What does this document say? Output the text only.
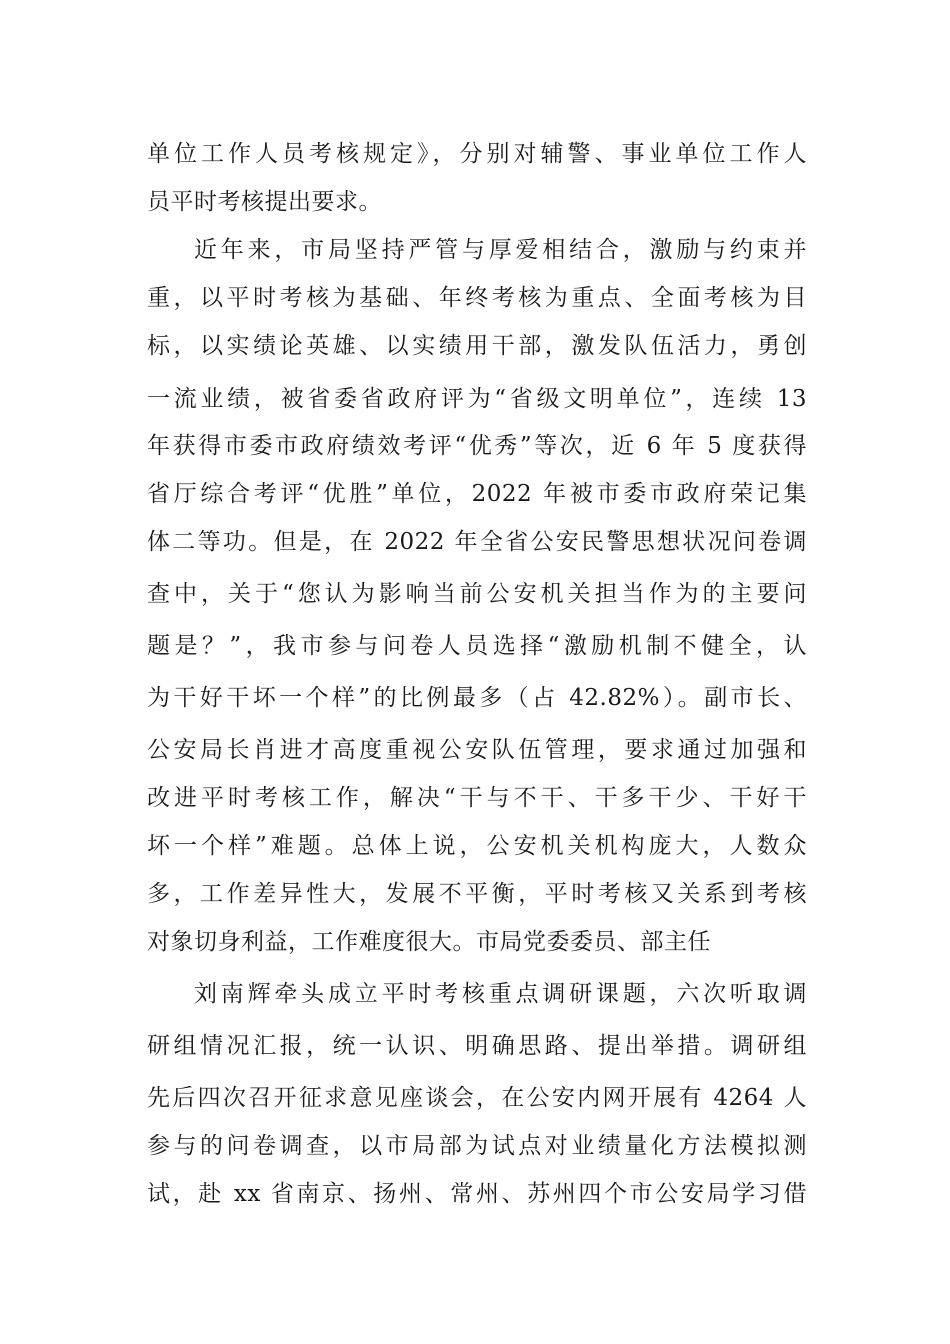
单位工作人员考核规定》，分别对辅警、事业单位工作人
员平时考核提出要求。
近年来，市局坚持严管与厚爱相结合，激励与约束并
重，以平时考核为基础、年终考核为重点、全面考核为目
标，以实绩论英雄、以实绩用干部，激发队伍活力，勇创
一流业绩，被省委省政府评为“省级文明单位”，连续 13
年获得市委市政府绩效考评“优秀”等次，近 6 年 5 度获得
省厅综合考评“优胜”单位，2022 年被市委市政府荣记集
体二等功。但是，在 2022 年全省公安民警思想状况问卷调
查中，关于“您认为影响当前公安机关担当作为的主要问
题是？”，我市参与问卷人员选择“激励机制不健全，认
为干好干坏一个样”的比例最多（占 42.82%）。副市长、
公安局长肖进才高度重视公安队伍管理，要求通过加强和
改进平时考核工作，解决“干与不干、干多干少、干好干
坏一个样”难题。总体上说，公安机关机构庞大，人数众
多，工作差异性大，发展不平衡，平时考核又关系到考核
对象切身利益，工作难度很大。市局党委委员、部主任
刘南辉牵头成立平时考核重点调研课题，六次听取调
研组情况汇报，统一认识、明确思路、提出举措。调研组
先后四次召开征求意见座谈会，在公安内网开展有 4264 人
参与的问卷调查，以市局部为试点对业绩量化方法模拟测
试，赴 xx 省南京、扬州、常州、苏州四个市公安局学习借
